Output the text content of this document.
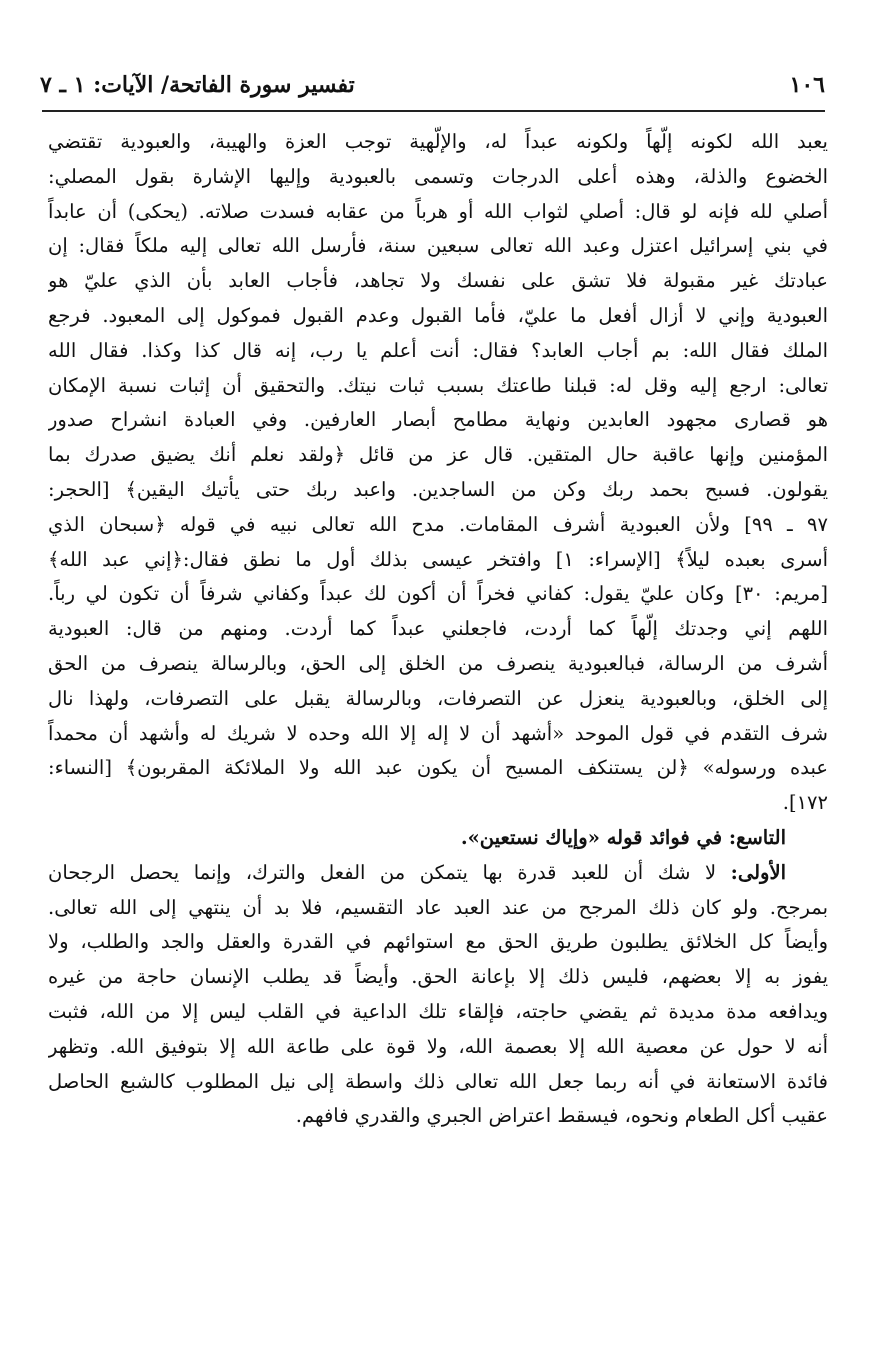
١٠٦
تفسير سورة الفاتحة/ الآيات: ١ ـ ٧
يعبد الله لكونه إلّهاً ولكونه عبداً له، والإلّهية توجب العزة والهيبة، والعبودية تقتضي
الخضوع والذلة، وهذه أعلى الدرجات وتسمى بالعبودية وإليها الإشارة بقول المصلي:
أصلي لله فإنه لو قال: أصلي لثواب الله أو هرباً من عقابه فسدت صلاته. (يحكى) أن عابداً
في بني إسرائيل اعتزل وعبد الله تعالى سبعين سنة، فأرسل الله تعالى إليه ملكاً فقال: إن
عبادتك غير مقبولة فلا تشق على نفسك ولا تجاهد، فأجاب العابد بأن الذي عليّ هو
العبودية وإني لا أزال أفعل ما عليّ، فأما القبول وعدم القبول فموكول إلى المعبود. فرجع
الملك فقال الله: بم أجاب العابد؟ فقال: أنت أعلم يا رب، إنه قال كذا وكذا. فقال الله
تعالى: ارجع إليه وقل له: قبلنا طاعتك بسبب ثبات نيتك. والتحقيق أن إثبات نسبة الإمكان
هو قصارى مجهود العابدين ونهاية مطامح أبصار العارفين. وفي العبادة انشراح صدور
المؤمنين وإنها عاقبة حال المتقين. قال عز من قائل ﴿ولقد نعلم أنك يضيق صدرك بما
يقولون. فسبح بحمد ربك وكن من الساجدين. واعبد ربك حتى يأتيك اليقين﴾ [الحجر:
٩٧ ـ ٩٩] ولأن العبودية أشرف المقامات. مدح الله تعالى نبيه في قوله ﴿سبحان الذي
أسرى بعبده ليلاً﴾ [الإسراء: ١] وافتخر عيسى بذلك أول ما نطق فقال:﴿إني عبد الله﴾
[مريم: ٣٠] وكان عليّ يقول: كفاني فخراً أن أكون لك عبداً وكفاني شرفاً أن تكون لي رباً.
اللهم إني وجدتك إلّهاً كما أردت، فاجعلني عبداً كما أردت. ومنهم من قال: العبودية
أشرف من الرسالة، فبالعبودية ينصرف من الخلق إلى الحق، وبالرسالة ينصرف من الحق
إلى الخلق، وبالعبودية ينعزل عن التصرفات، وبالرسالة يقبل على التصرفات، ولهذا نال
شرف التقدم في قول الموحد «أشهد أن لا إله إلا الله وحده لا شريك له وأشهد أن محمداً
عبده ورسوله» ﴿لن يستنكف المسيح أن يكون عبد الله ولا الملائكة المقربون﴾ [النساء:
١٧٢].
التاسع: في فوائد قوله «وإياك نستعين».
الأولى: لا شك أن للعبد قدرة بها يتمكن من الفعل والترك، وإنما يحصل الرجحان
بمرجح. ولو كان ذلك المرجح من عند العبد عاد التقسيم، فلا بد أن ينتهي إلى الله تعالى.
وأيضاً كل الخلائق يطلبون طريق الحق مع استوائهم في القدرة والعقل والجد والطلب، ولا
يفوز به إلا بعضهم، فليس ذلك إلا بإعانة الحق. وأيضاً قد يطلب الإنسان حاجة من غيره
ويدافعه مدة مديدة ثم يقضي حاجته، فإلقاء تلك الداعية في القلب ليس إلا من الله، فثبت
أنه لا حول عن معصية الله إلا بعصمة الله، ولا قوة على طاعة الله إلا بتوفيق الله. وتظهر
فائدة الاستعانة في أنه ربما جعل الله تعالى ذلك واسطة إلى نيل المطلوب كالشبع الحاصل
عقيب أكل الطعام ونحوه، فيسقط اعتراض الجبري والقدري فافهم.
